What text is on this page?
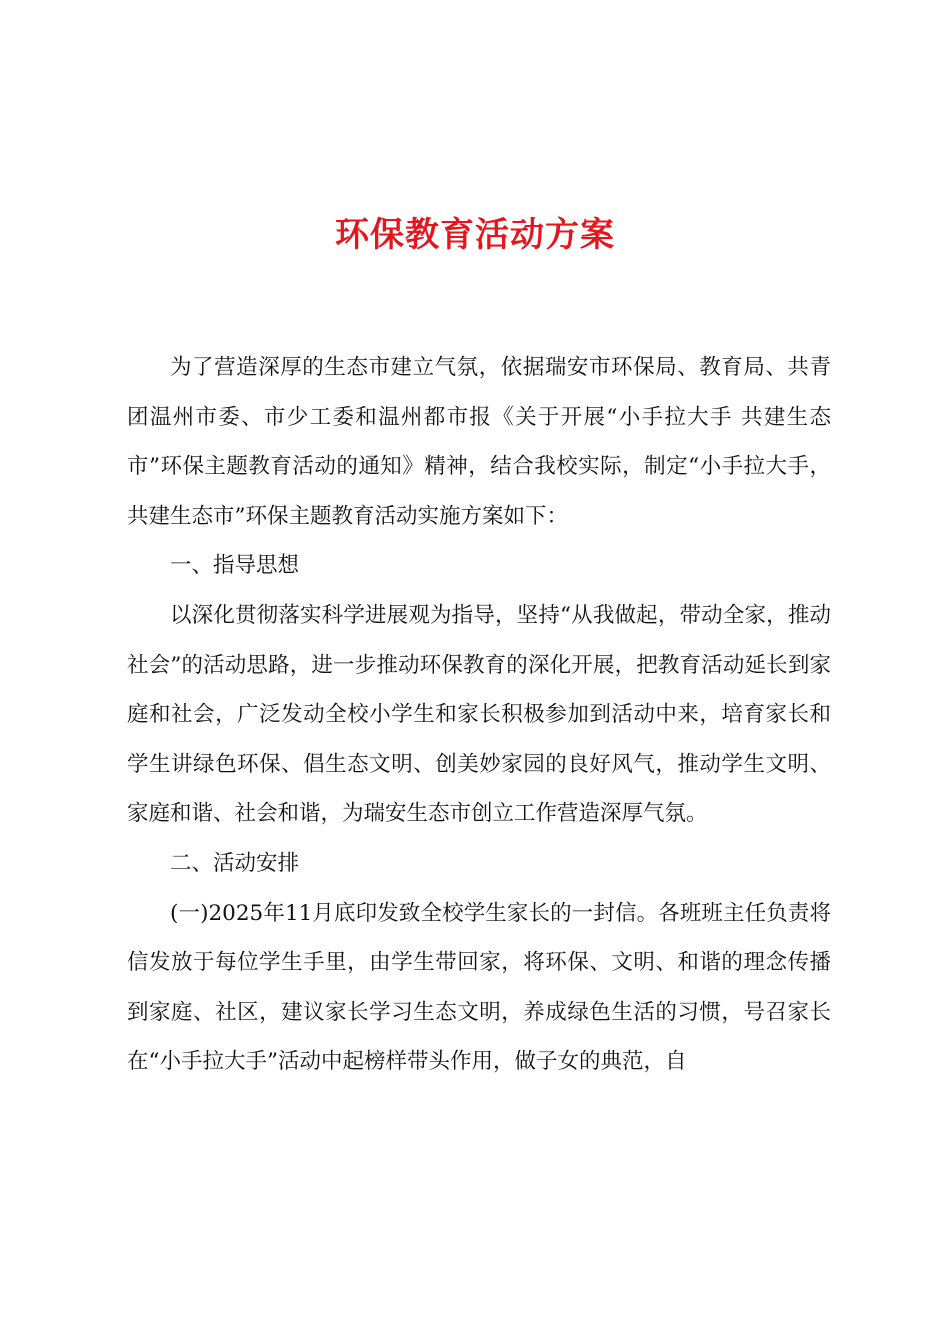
环保教育活动方案

为了营造深厚的生态市建立气氛，依据瑞安市环保局、教育局、共青团温州市委、市少工委和温州都市报《关于开展“小手拉大手 共建生态市”环保主题教育活动的通知》精神，结合我校实际，制定“小手拉大手，共建生态市”环保主题教育活动实施方案如下：

一、指导思想

以深化贯彻落实科学进展观为指导，坚持“从我做起，带动全家，推动社会”的活动思路，进一步推动环保教育的深化开展，把教育活动延长到家庭和社会，广泛发动全校小学生和家长积极参加到活动中来，培育家长和学生讲绿色环保、倡生态文明、创美妙家园的良好风气，推动学生文明、家庭和谐、社会和谐，为瑞安生态市创立工作营造深厚气氛。

二、活动安排

(一)2025年11月底印发致全校学生家长的一封信。各班班主任负责将信发放于每位学生手里，由学生带回家，将环保、文明、和谐的理念传播到家庭、社区，建议家长学习生态文明，养成绿色生活的习惯，号召家长在“小手拉大手”活动中起榜样带头作用，做子女的典范，自
